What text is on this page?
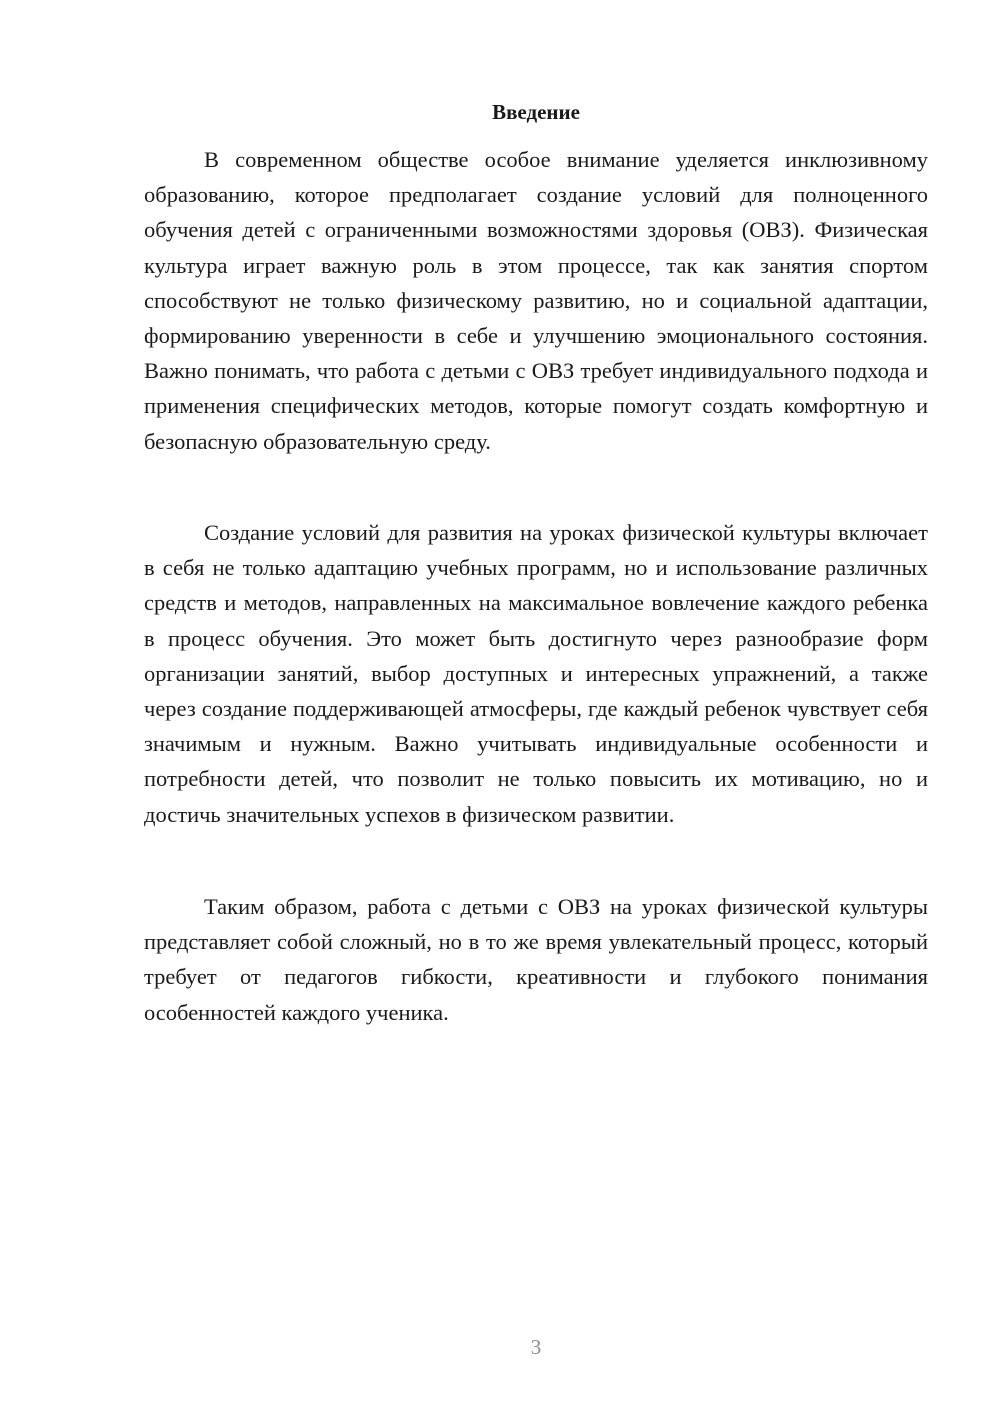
Введение

В современном обществе особое внимание уделяется инклюзивному образованию, которое предполагает создание условий для полноценного обучения детей с ограниченными возможностями здоровья (ОВЗ). Физическая культура играет важную роль в этом процессе, так как занятия спортом способствуют не только физическому развитию, но и социальной адаптации, формированию уверенности в себе и улучшению эмоционального состояния. Важно понимать, что работа с детьми с ОВЗ требует индивидуального подхода и применения специфических методов, которые помогут создать комфортную и безопасную образовательную среду.

Создание условий для развития на уроках физической культуры включает в себя не только адаптацию учебных программ, но и использование различных средств и методов, направленных на максимальное вовлечение каждого ребенка в процесс обучения. Это может быть достигнуто через разнообразие форм организации занятий, выбор доступных и интересных упражнений, а также через создание поддерживающей атмосферы, где каждый ребенок чувствует себя значимым и нужным. Важно учитывать индивидуальные особенности и потребности детей, что позволит не только повысить их мотивацию, но и достичь значительных успехов в физическом развитии.

Таким образом, работа с детьми с ОВЗ на уроках физической культуры представляет собой сложный, но в то же время увлекательный процесс, который требует от педагогов гибкости, креативности и глубокого понимания особенностей каждого ученика.

3
